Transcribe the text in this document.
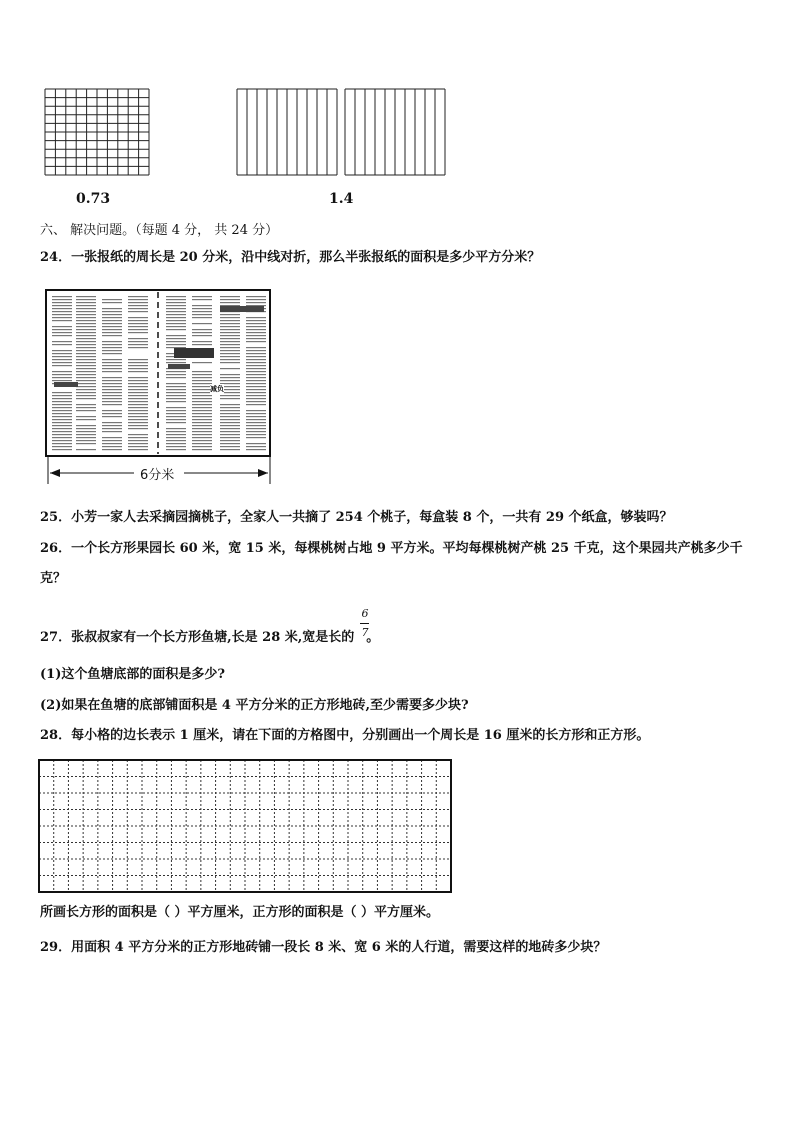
0.73	1.4
六、 解决问题。（每题 4 分， 共 24 分）
24．一张报纸的周长是 20 分米，沿中线对折，那么半张报纸的面积是多少平方分米？
6分米
减负
25．小芳一家人去采摘园摘桃子，全家人一共摘了 254 个桃子，每盒装 8 个，一共有 29 个纸盒，够装吗？
26．一个长方形果园长 60 米，宽 15 米，每棵桃树占地 9 平方米。平均每棵桃树产桃 25 千克，这个果园共产桃多少千
克？
27．张叔叔家有一个长方形鱼塘,长是 28 米,宽是长的 。
6
7
(1)这个鱼塘底部的面积是多少?
(2)如果在鱼塘的底部铺面积是 4 平方分米的正方形地砖,至少需要多少块?
28．每小格的边长表示 1 厘米，请在下面的方格图中，分别画出一个周长是 16 厘米的长方形和正方形。
所画长方形的面积是（ ）平方厘米，正方形的面积是（ ）平方厘米。
29．用面积 4 平方分米的正方形地砖铺一段长 8 米、宽 6 米的人行道，需要这样的地砖多少块？
